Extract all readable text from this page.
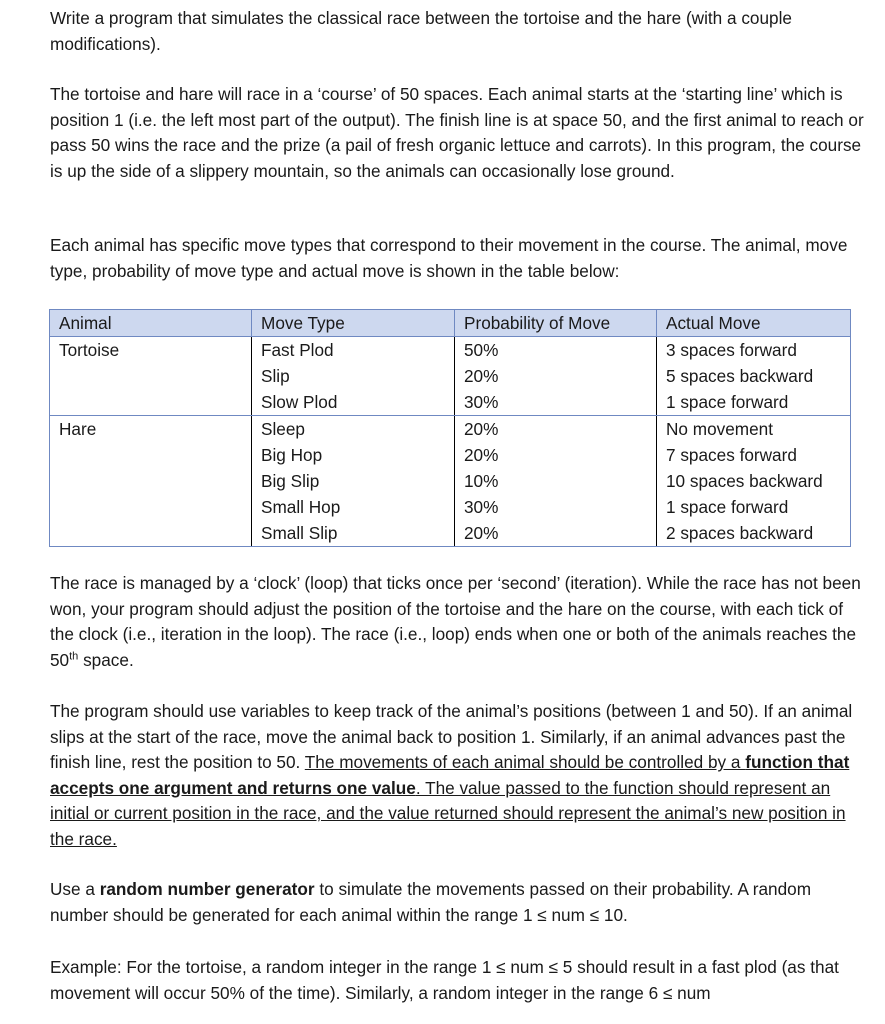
Write a program that simulates the classical race between the tortoise and the hare (with a couple modifications).

The tortoise and hare will race in a ‘course’ of 50 spaces. Each animal starts at the ‘starting line’ which is position 1 (i.e. the left most part of the output). The finish line is at space 50, and the first animal to reach or pass 50 wins the race and the prize (a pail of fresh organic lettuce and carrots). In this program, the course is up the side of a slippery mountain, so the animals can occasionally lose ground.

Each animal has specific move types that correspond to their movement in the course. The animal, move type, probability of move type and actual move is shown in the table below:

Animal	Move Type	Probability of Move	Actual Move
Tortoise	Fast Plod	50%	3 spaces forward
	Slip	20%	5 spaces backward
	Slow Plod	30%	1 space forward
Hare	Sleep	20%	No movement
	Big Hop	20%	7 spaces forward
	Big Slip	10%	10 spaces backward
	Small Hop	30%	1 space forward
	Small Slip	20%	2 spaces backward

The race is managed by a ‘clock’ (loop) that ticks once per ‘second’ (iteration). While the race has not been won, your program should adjust the position of the tortoise and the hare on the course, with each tick of the clock (i.e., iteration in the loop). The race (i.e., loop) ends when one or both of the animals reaches the 50th space.

The program should use variables to keep track of the animal’s positions (between 1 and 50). If an animal slips at the start of the race, move the animal back to position 1. Similarly, if an animal advances past the finish line, rest the position to 50. The movements of each animal should be controlled by a function that accepts one argument and returns one value. The value passed to the function should represent an initial or current position in the race, and the value returned should represent the animal’s new position in the race.

Use a random number generator to simulate the movements passed on their probability. A random number should be generated for each animal within the range 1 ≤ num ≤ 10.

Example: For the tortoise, a random integer in the range 1 ≤ num ≤ 5 should result in a fast plod (as that movement will occur 50% of the time). Similarly, a random integer in the range 6 ≤ num
